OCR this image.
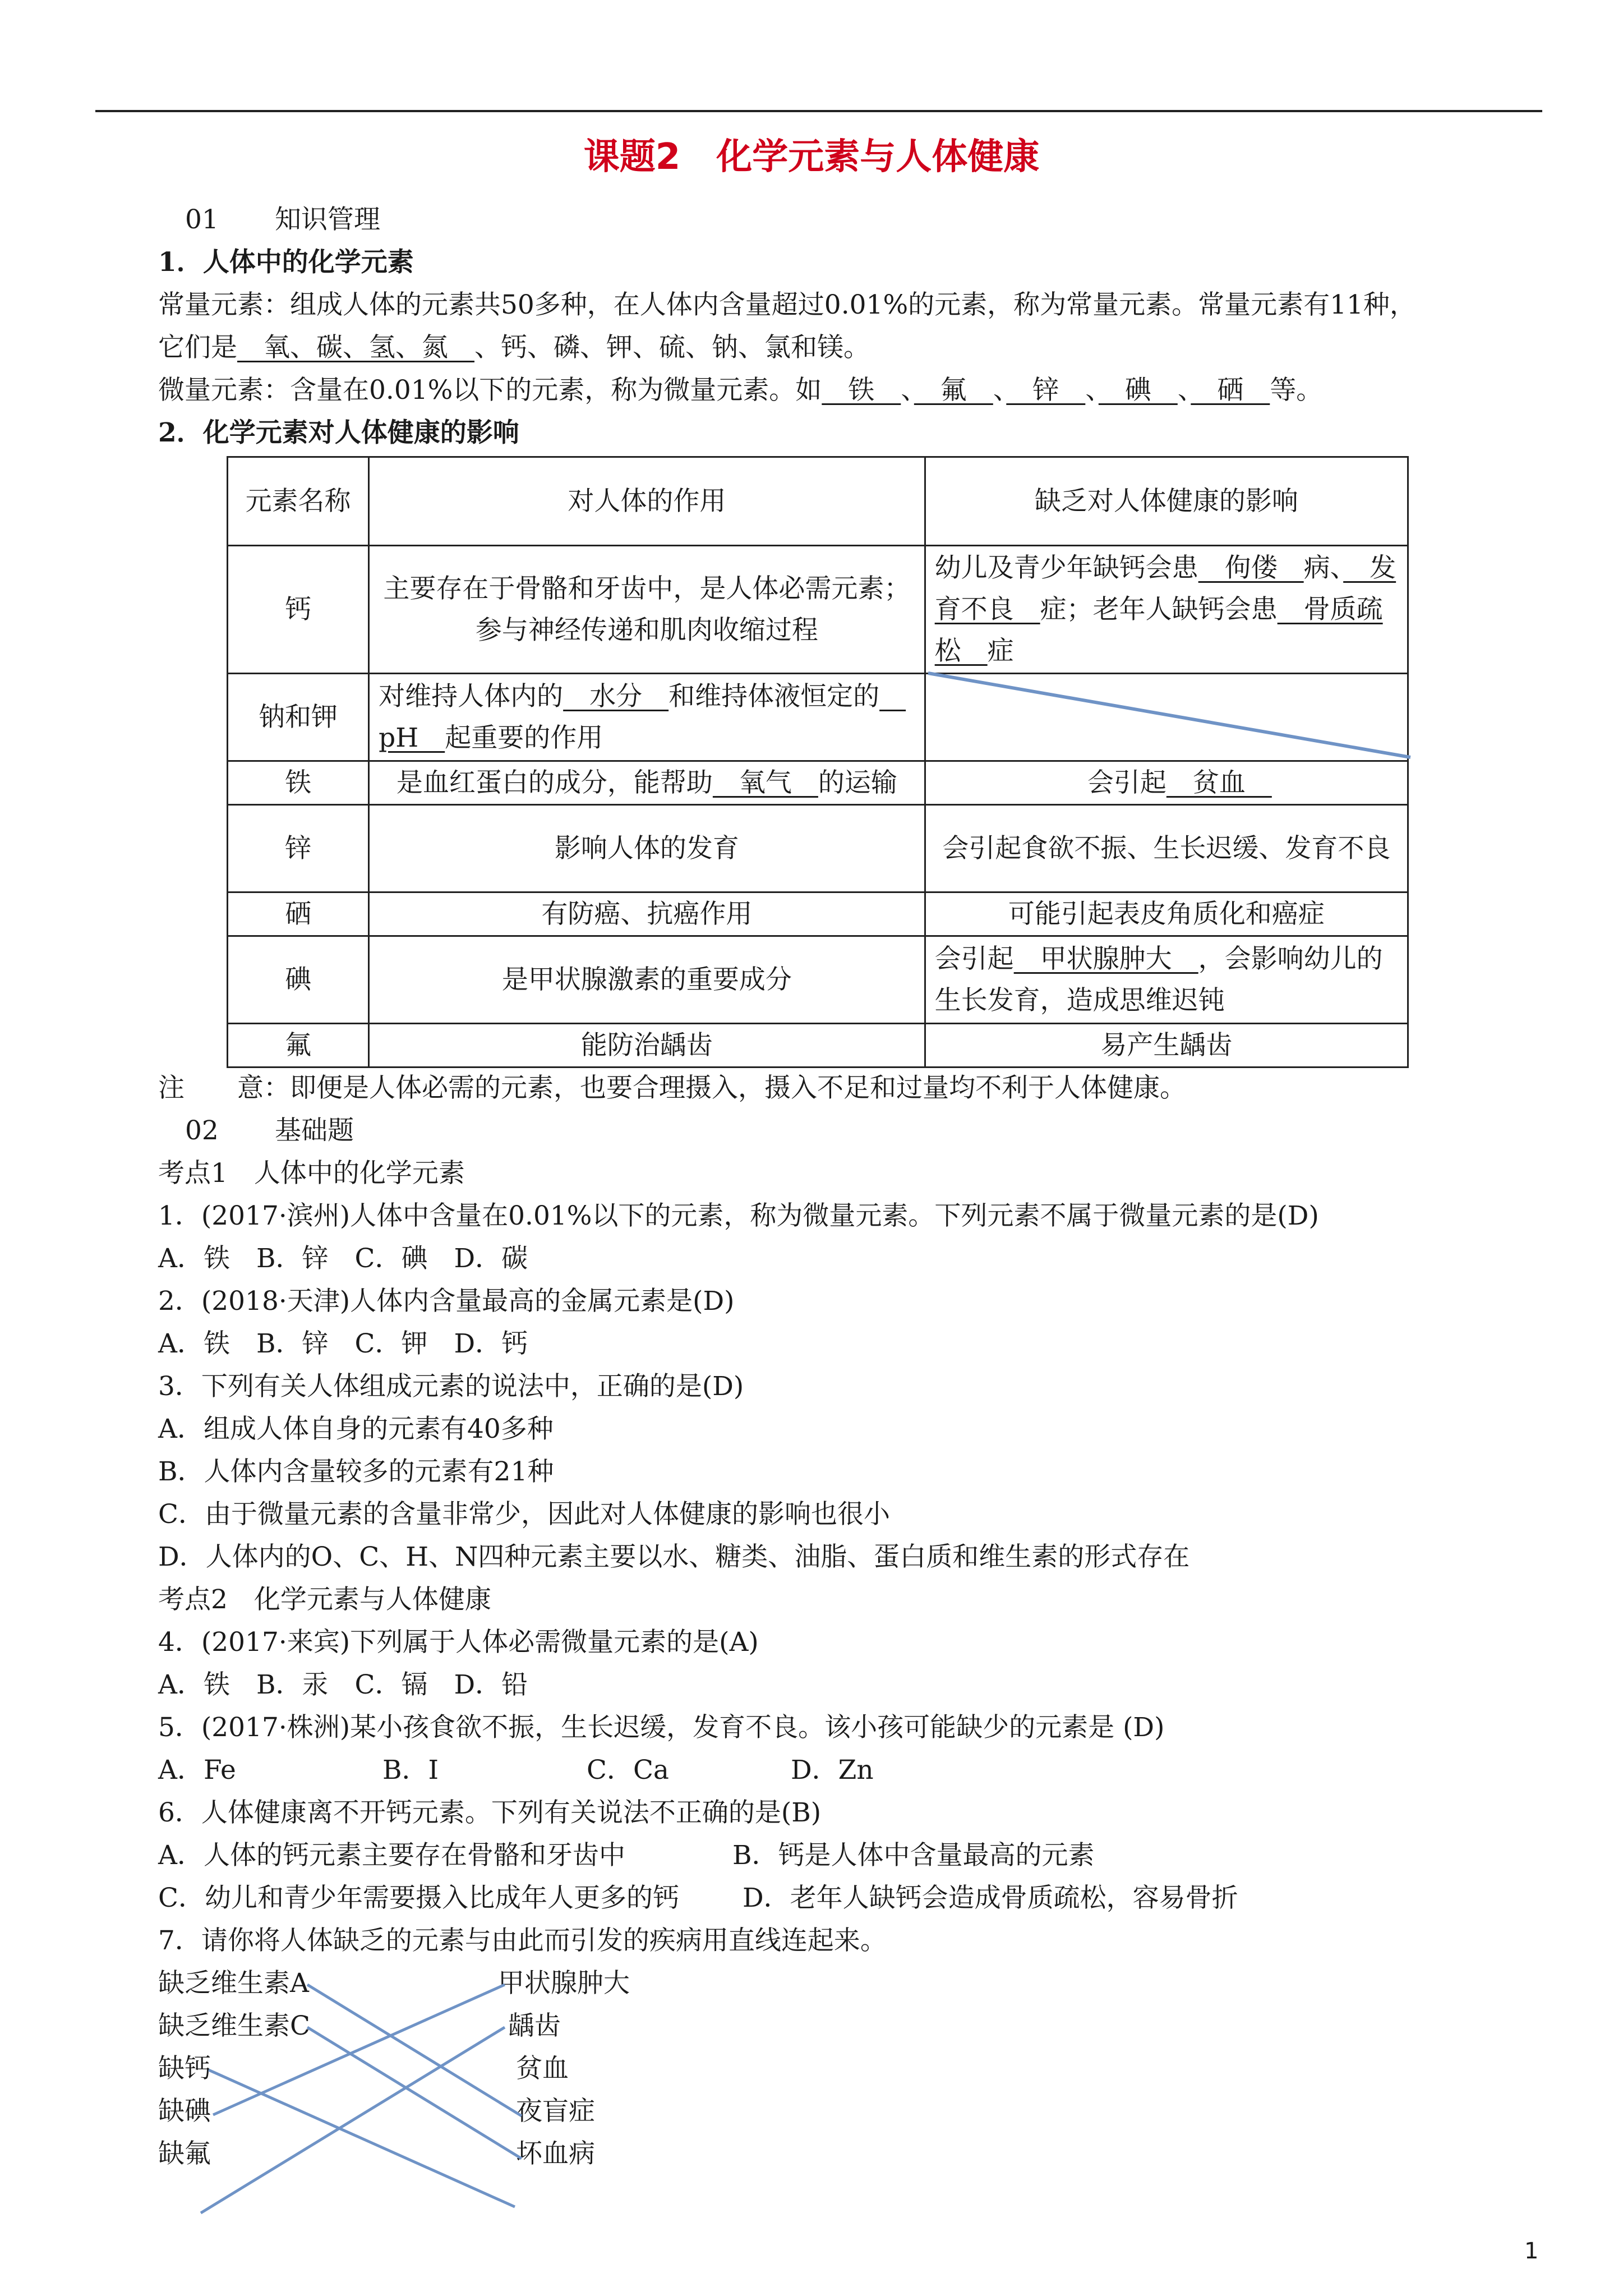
课题2　化学元素与人体健康
01 知识管理
1．人体中的化学元素
常量元素：组成人体的元素共50多种，在人体内含量超过0.01%的元素，称为常量元素。常量元素有11种，
它们是　氧、碳、氢、氮　、钙、磷、钾、硫、钠、氯和镁。
微量元素：含量在0.01%以下的元素，称为微量元素。如　铁　、　氟　、　锌　、　碘　、　硒　等。
2．化学元素对人体健康的影响
元素名称	对人体的作用	缺乏对人体健康的影响
钙	主要存在于骨骼和牙齿中，是人体必需元素；参与神经传递和肌肉收缩过程	幼儿及青少年缺钙会患　佝偻　病、　发育不良　症；老年人缺钙会患　骨质疏松　症
钠和钾	对维持人体内的　水分　和维持体液恒定的　pH　起重要的作用	
铁	是血红蛋白的成分，能帮助　氧气　的运输	会引起　贫血　
锌	影响人体的发育	会引起食欲不振、生长迟缓、发育不良
硒	有防癌、抗癌作用	可能引起表皮角质化和癌症
碘	是甲状腺激素的重要成分	会引起　甲状腺肿大　，会影响幼儿的生长发育，造成思维迟钝
氟	能防治龋齿	易产生龋齿
注　　意：即便是人体必需的元素，也要合理摄入，摄入不足和过量均不利于人体健康。
02 基础题
考点1　人体中的化学元素
1．(2017·滨州)人体中含量在0.01%以下的元素，称为微量元素。下列元素不属于微量元素的是(D)
A．铁　B．锌　C．碘　D．碳
2．(2018·天津)人体内含量最高的金属元素是(D)
A．铁　B．锌　C．钾　D．钙
3．下列有关人体组成元素的说法中，正确的是(D)
A．组成人体自身的元素有40多种
B．人体内含量较多的元素有21种
C．由于微量元素的含量非常少，因此对人体健康的影响也很小
D．人体内的O、C、H、N四种元素主要以水、糖类、油脂、蛋白质和维生素的形式存在
考点2　化学元素与人体健康
4．(2017·来宾)下列属于人体必需微量元素的是(A)
A．铁　B．汞　C．镉　D．铅
5．(2017·株洲)某小孩食欲不振，生长迟缓，发育不良。该小孩可能缺少的元素是 (D)
A．Fe	B．I	C．Ca	D．Zn
6．人体健康离不开钙元素。下列有关说法不正确的是(B)
A．人体的钙元素主要存在骨骼和牙齿中	B．钙是人体中含量最高的元素
C．幼儿和青少年需要摄入比成年人更多的钙 D．老年人缺钙会造成骨质疏松，容易骨折
7．请你将人体缺乏的元素与由此而引发的疾病用直线连起来。
缺乏维生素A
缺乏维生素C
缺钙
缺碘
缺氟
甲状腺肿大
龋齿
贫血
夜盲症
坏血病
1
